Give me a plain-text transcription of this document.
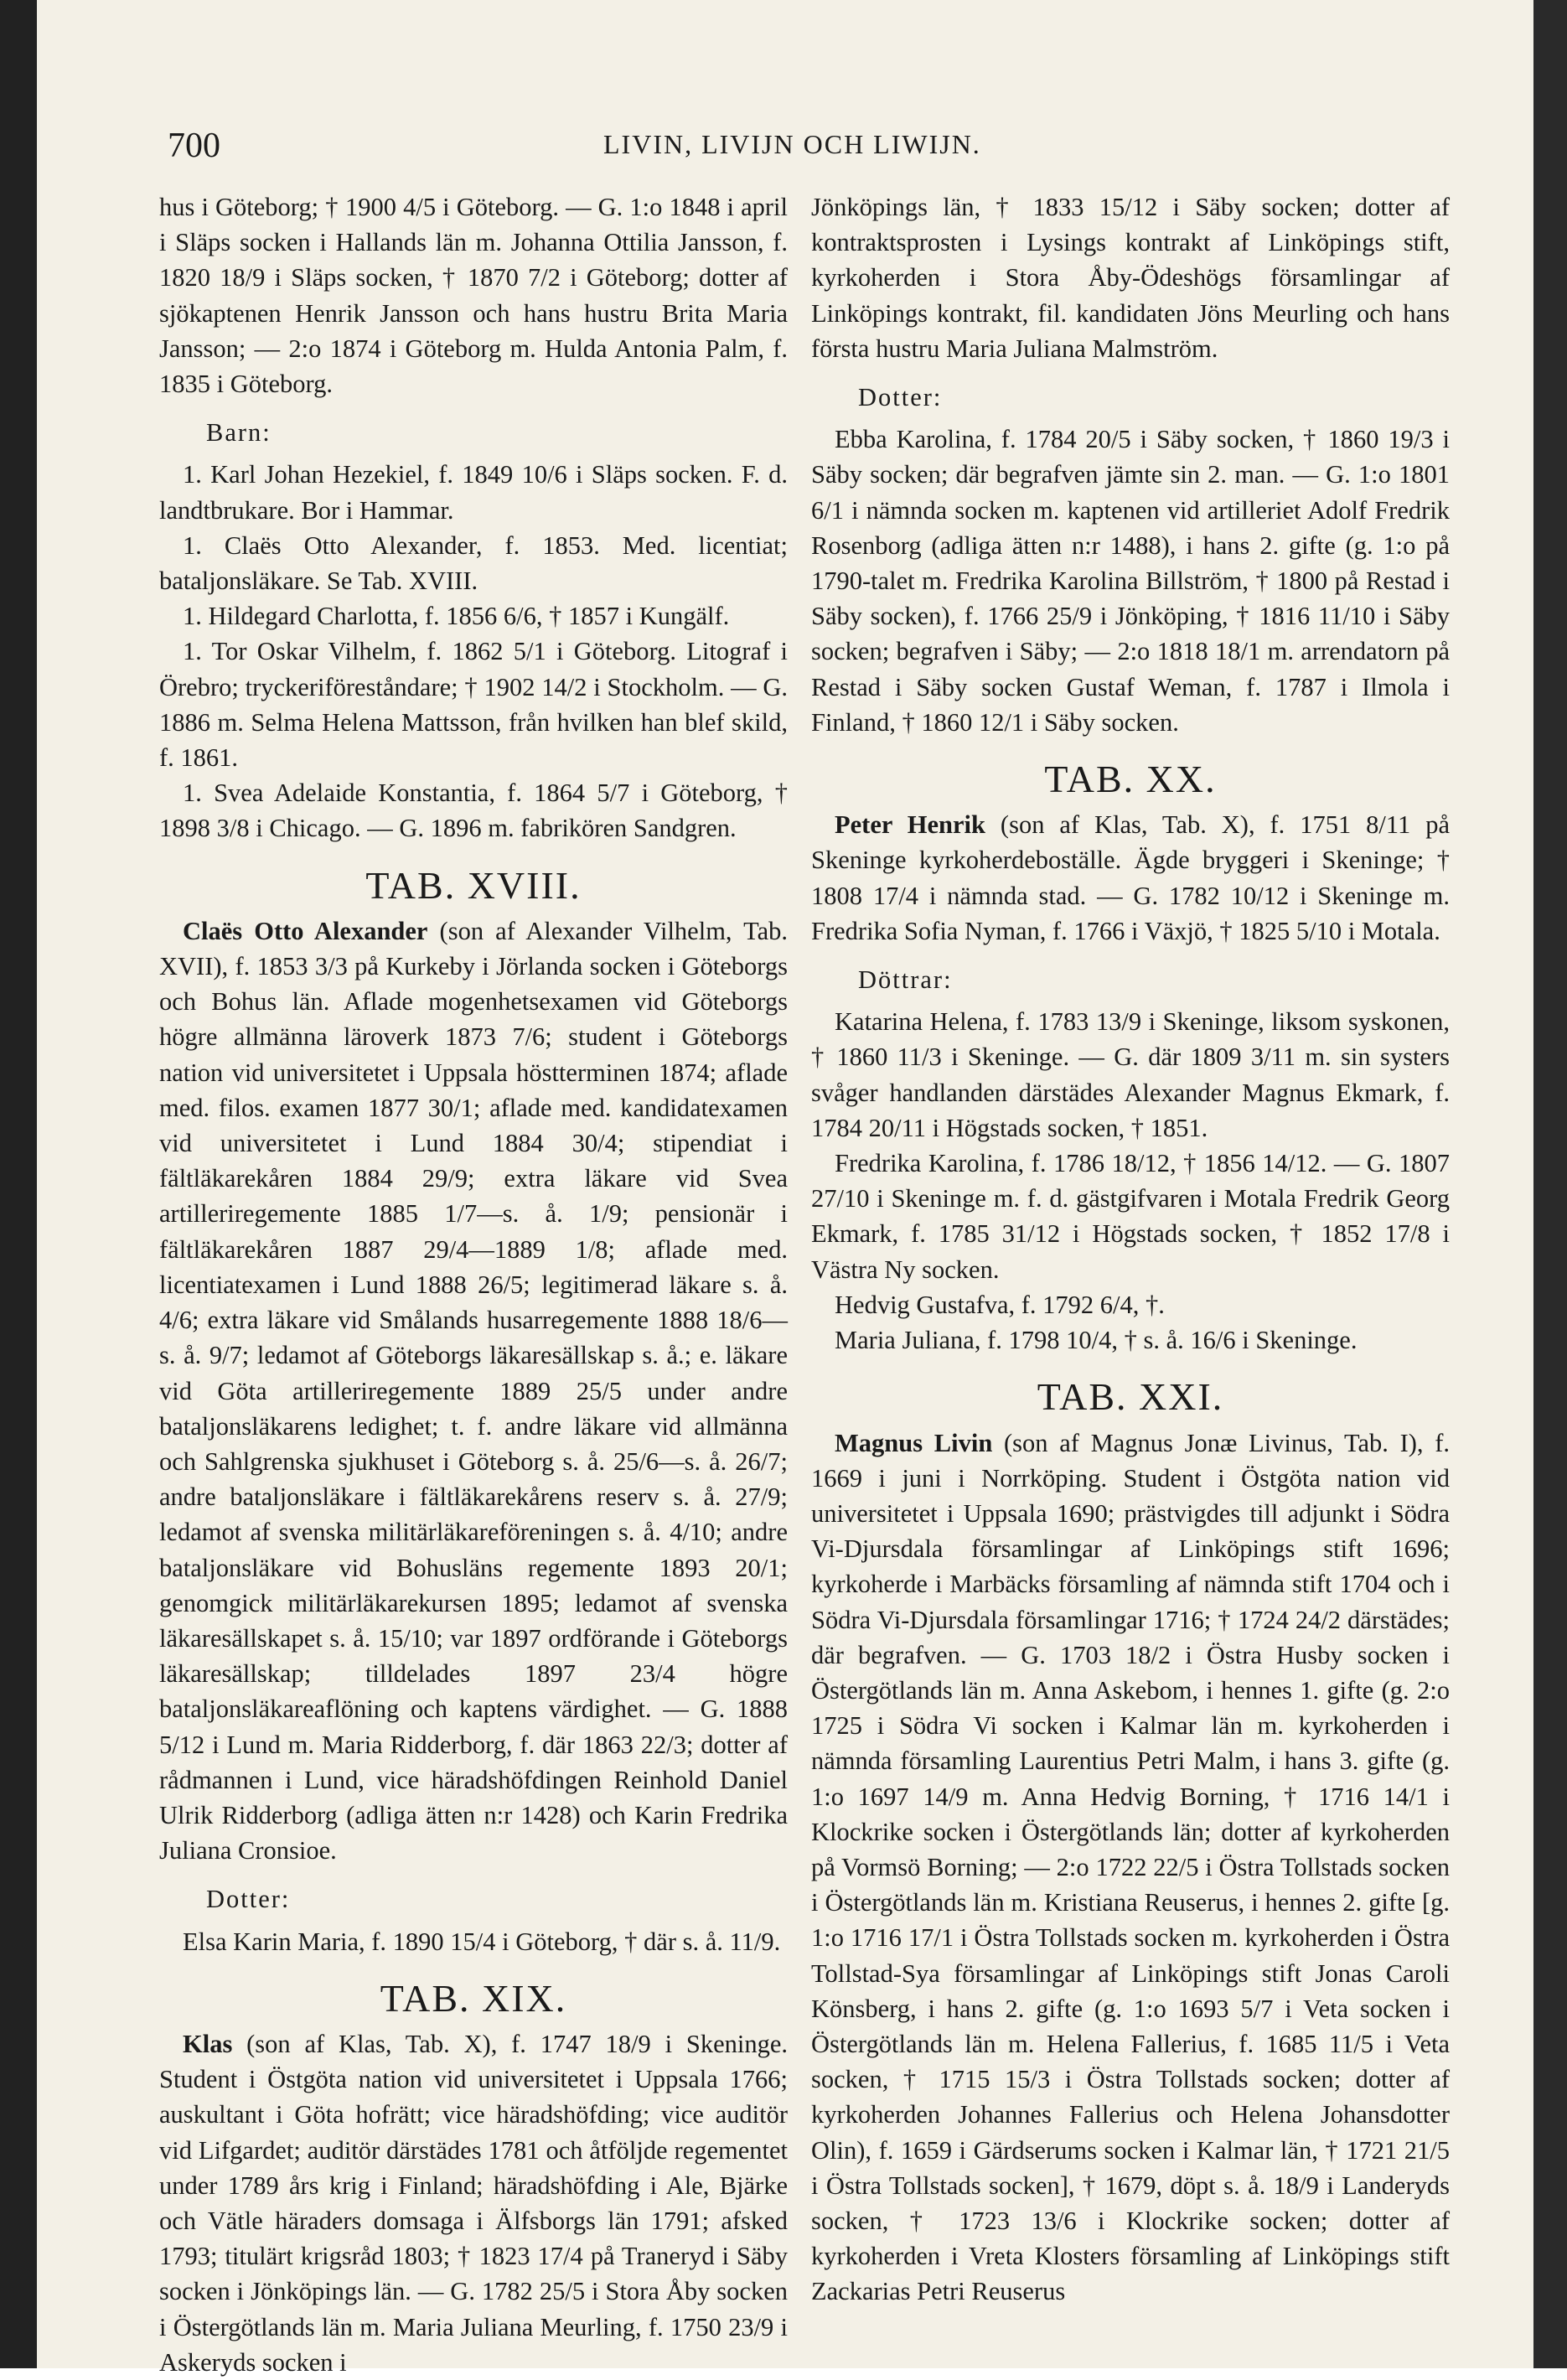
700	LIVIN, LIVIJN OCH LIWIJN.

hus i Göteborg; † 1900 4/5 i Göteborg. — G. 1:o 1848 i april i Släps socken i Hallands län m. Johanna Ottilia Jansson, f. 1820 18/9 i Släps socken, † 1870 7/2 i Göteborg; dotter af sjökaptenen Henrik Jansson och hans hustru Brita Maria Jansson; — 2:o 1874 i Göteborg m. Hulda Antonia Palm, f. 1835 i Göteborg.

Barn:

1. Karl Johan Hezekiel, f. 1849 10/6 i Släps socken. F. d. landtbrukare. Bor i Hammar.

1. Claës Otto Alexander, f. 1853. Med. licentiat; bataljonsläkare. Se Tab. XVIII.

1. Hildegard Charlotta, f. 1856 6/6, † 1857 i Kungälf.

1. Tor Oskar Vilhelm, f. 1862 5/1 i Göteborg. Litograf i Örebro; tryckeriföreståndare; † 1902 14/2 i Stockholm. — G. 1886 m. Selma Helena Mattsson, från hvilken han blef skild, f. 1861.

1. Svea Adelaide Konstantia, f. 1864 5/7 i Göteborg, † 1898 3/8 i Chicago. — G. 1896 m. fabrikören Sandgren.

TAB. XVIII.

Claës Otto Alexander (son af Alexander Vilhelm, Tab. XVII), f. 1853 3/3 på Kurkeby i Jörlanda socken i Göteborgs och Bohus län. Aflade mogenhetsexamen vid Göteborgs högre allmänna läroverk 1873 7/6; student i Göteborgs nation vid universitetet i Uppsala höstterminen 1874; aflade med. filos. examen 1877 30/1; aflade med. kandidatexamen vid universitetet i Lund 1884 30/4; stipendiat i fältläkarekåren 1884 29/9; extra läkare vid Svea artilleriregemente 1885 1/7—s. å. 1/9; pensionär i fältläkarekåren 1887 29/4—1889 1/8; aflade med. licentiatexamen i Lund 1888 26/5; legitimerad läkare s. å. 4/6; extra läkare vid Smålands husarregemente 1888 18/6—s. å. 9/7; ledamot af Göteborgs läkaresällskap s. å.; e. läkare vid Göta artilleriregemente 1889 25/5 under andre bataljonsläkarens ledighet; t. f. andre läkare vid allmänna och Sahlgrenska sjukhuset i Göteborg s. å. 25/6—s. å. 26/7; andre bataljonsläkare i fältläkarekårens reserv s. å. 27/9; ledamot af svenska militärläkareföreningen s. å. 4/10; andre bataljonsläkare vid Bohusläns regemente 1893 20/1; genomgick militärläkarekursen 1895; ledamot af svenska läkaresällskapet s. å. 15/10; var 1897 ordförande i Göteborgs läkaresällskap; tilldelades 1897 23/4 högre bataljonsläkareaflöning och kaptens värdighet. — G. 1888 5/12 i Lund m. Maria Ridderborg, f. där 1863 22/3; dotter af rådmannen i Lund, vice häradshöfdingen Reinhold Daniel Ulrik Ridderborg (adliga ätten n:r 1428) och Karin Fredrika Juliana Cronsioe.

Dotter:

Elsa Karin Maria, f. 1890 15/4 i Göteborg, † där s. å. 11/9.

TAB. XIX.

Klas (son af Klas, Tab. X), f. 1747 18/9 i Skeninge. Student i Östgöta nation vid universitetet i Uppsala 1766; auskultant i Göta hofrätt; vice häradshöfding; vice auditör vid Lifgardet; auditör därstädes 1781 och åtföljde regementet under 1789 års krig i Finland; häradshöfding i Ale, Bjärke och Vätle häraders domsaga i Älfsborgs län 1791; afsked 1793; titulärt krigsråd 1803; † 1823 17/4 på Traneryd i Säby socken i Jönköpings län. — G. 1782 25/5 i Stora Åby socken i Östergötlands län m. Maria Juliana Meurling, f. 1750 23/9 i Askeryds socken i

Jönköpings län, † 1833 15/12 i Säby socken; dotter af kontraktsprosten i Lysings kontrakt af Linköpings stift, kyrkoherden i Stora Åby-Ödeshögs församlingar af Linköpings kontrakt, fil. kandidaten Jöns Meurling och hans första hustru Maria Juliana Malmström.

Dotter:

Ebba Karolina, f. 1784 20/5 i Säby socken, † 1860 19/3 i Säby socken; där begrafven jämte sin 2. man. — G. 1:o 1801 6/1 i nämnda socken m. kaptenen vid artilleriet Adolf Fredrik Rosenborg (adliga ätten n:r 1488), i hans 2. gifte (g. 1:o på 1790-talet m. Fredrika Karolina Billström, † 1800 på Restad i Säby socken), f. 1766 25/9 i Jönköping, † 1816 11/10 i Säby socken; begrafven i Säby; — 2:o 1818 18/1 m. arrendatorn på Restad i Säby socken Gustaf Weman, f. 1787 i Ilmola i Finland, † 1860 12/1 i Säby socken.

TAB. XX.

Peter Henrik (son af Klas, Tab. X), f. 1751 8/11 på Skeninge kyrkoherdeboställe. Ägde bryggeri i Skeninge; † 1808 17/4 i nämnda stad. — G. 1782 10/12 i Skeninge m. Fredrika Sofia Nyman, f. 1766 i Växjö, † 1825 5/10 i Motala.

Döttrar:

Katarina Helena, f. 1783 13/9 i Skeninge, liksom syskonen, † 1860 11/3 i Skeninge. — G. där 1809 3/11 m. sin systers svåger handlanden därstädes Alexander Magnus Ekmark, f. 1784 20/11 i Högstads socken, † 1851.

Fredrika Karolina, f. 1786 18/12, † 1856 14/12. — G. 1807 27/10 i Skeninge m. f. d. gästgifvaren i Motala Fredrik Georg Ekmark, f. 1785 31/12 i Högstads socken, † 1852 17/8 i Västra Ny socken.

Hedvig Gustafva, f. 1792 6/4, †.

Maria Juliana, f. 1798 10/4, † s. å. 16/6 i Skeninge.

TAB. XXI.

Magnus Livin (son af Magnus Jonæ Livinus, Tab. I), f. 1669 i juni i Norrköping. Student i Östgöta nation vid universitetet i Uppsala 1690; prästvigdes till adjunkt i Södra Vi-Djursdala församlingar af Linköpings stift 1696; kyrkoherde i Marbäcks församling af nämnda stift 1704 och i Södra Vi-Djursdala församlingar 1716; † 1724 24/2 därstädes; där begrafven. — G. 1703 18/2 i Östra Husby socken i Östergötlands län m. Anna Askebom, i hennes 1. gifte (g. 2:o 1725 i Södra Vi socken i Kalmar län m. kyrkoherden i nämnda församling Laurentius Petri Malm, i hans 3. gifte (g. 1:o 1697 14/9 m. Anna Hedvig Borning, † 1716 14/1 i Klockrike socken i Östergötlands län; dotter af kyrkoherden på Vormsö Borning; — 2:o 1722 22/5 i Östra Tollstads socken i Östergötlands län m. Kristiana Reuserus, i hennes 2. gifte [g. 1:o 1716 17/1 i Östra Tollstads socken m. kyrkoherden i Östra Tollstad-Sya församlingar af Linköpings stift Jonas Caroli Könsberg, i hans 2. gifte (g. 1:o 1693 5/7 i Veta socken i Östergötlands län m. Helena Fallerius, f. 1685 11/5 i Veta socken, † 1715 15/3 i Östra Tollstads socken; dotter af kyrkoherden Johannes Fallerius och Helena Johansdotter Olin), f. 1659 i Gärdserums socken i Kalmar län, † 1721 21/5 i Östra Tollstads socken], † 1679, döpt s. å. 18/9 i Landeryds socken, † 1723 13/6 i Klockrike socken; dotter af kyrkoherden i Vreta Klosters församling af Linköpings stift Zackarias Petri Reuserus
